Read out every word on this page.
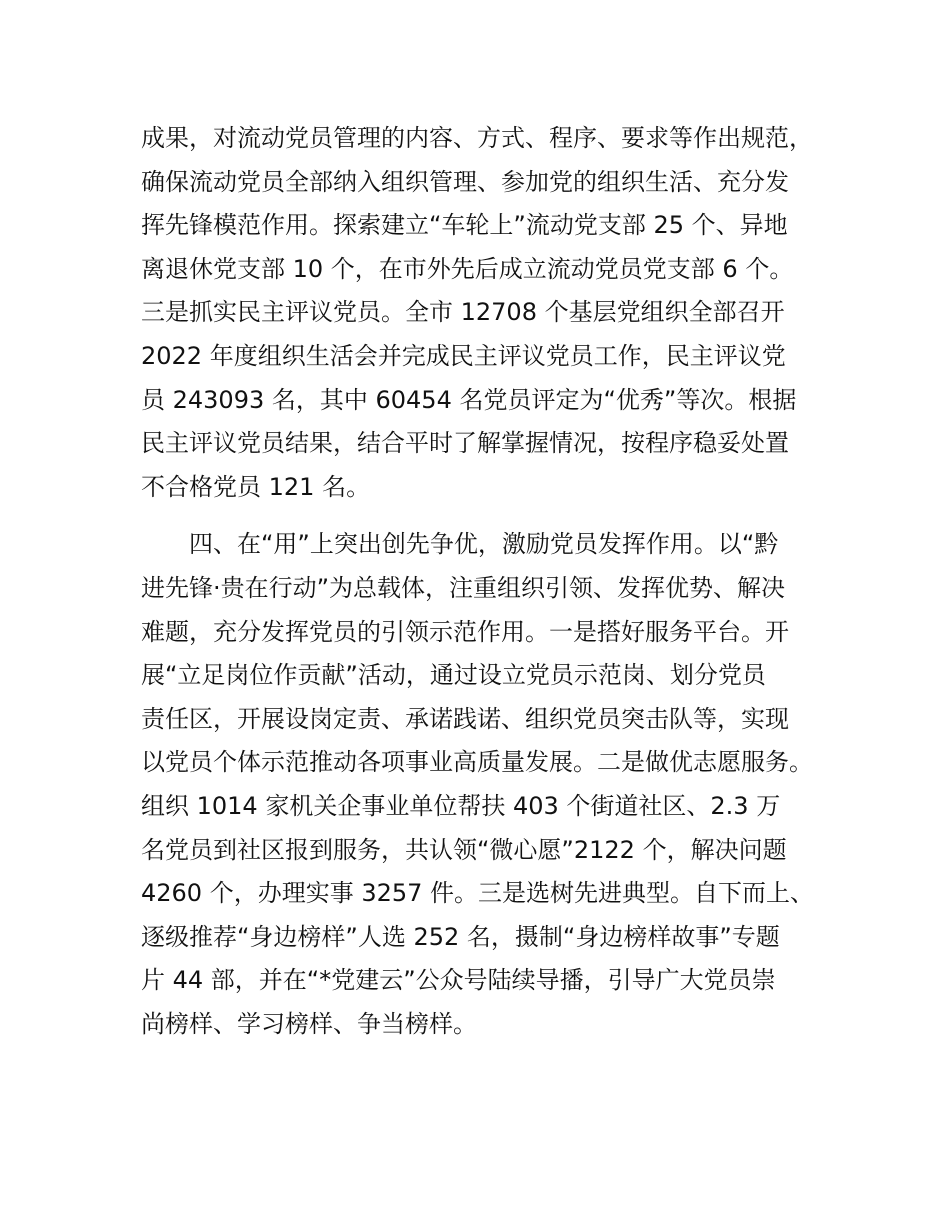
成果，对流动党员管理的内容、方式、程序、要求等作出规范，
确保流动党员全部纳入组织管理、参加党的组织生活、充分发
挥先锋模范作用。探索建立“车轮上”流动党支部 25 个、异地
离退休党支部 10 个，在市外先后成立流动党员党支部 6 个。
三是抓实民主评议党员。全市 12708 个基层党组织全部召开
2022 年度组织生活会并完成民主评议党员工作，民主评议党
员 243093 名，其中 60454 名党员评定为“优秀”等次。根据
民主评议党员结果，结合平时了解掌握情况，按程序稳妥处置
不合格党员 121 名。
四、在“用”上突出创先争优，激励党员发挥作用。以“黔
进先锋·贵在行动”为总载体，注重组织引领、发挥优势、解决
难题，充分发挥党员的引领示范作用。一是搭好服务平台。开
展“立足岗位作贡献”活动，通过设立党员示范岗、划分党员
责任区，开展设岗定责、承诺践诺、组织党员突击队等，实现
以党员个体示范推动各项事业高质量发展。二是做优志愿服务。
组织 1014 家机关企事业单位帮扶 403 个街道社区、2.3 万
名党员到社区报到服务，共认领“微心愿”2122 个，解决问题
4260 个，办理实事 3257 件。三是选树先进典型。自下而上、
逐级推荐“身边榜样”人选 252 名，摄制“身边榜样故事”专题
片 44 部，并在“*党建云”公众号陆续导播，引导广大党员崇
尚榜样、学习榜样、争当榜样。
